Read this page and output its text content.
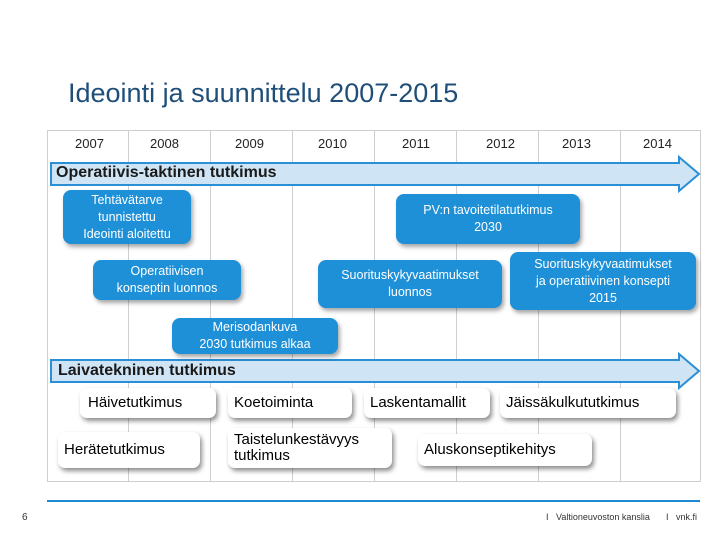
Ideointi ja suunnittelu 2007-2015
2007	2008	2009	2010	2011	2012	2013	2014
Operatiivis-taktinen tutkimus
Laivatekninen tutkimus
Tehtävätarve
tunnistettu
Ideointi aloitettu
PV:n tavoitetilatutkimus
2030
Operatiivisen
konseptin luonnos
Suorituskykyvaatimukset
luonnos
Suorituskykyvaatimukset
ja operatiivinen konsepti
2015
Merisodankuva
2030 tutkimus alkaa
Häivetutkimus	Koetoiminta	Laskentamallit	Jäissäkulkututkimus
Herätetutkimus
Taistelunkestävyys
tutkimus	Aluskonseptikehitys
6	I Valtioneuvoston kanslia I vnk.fi
